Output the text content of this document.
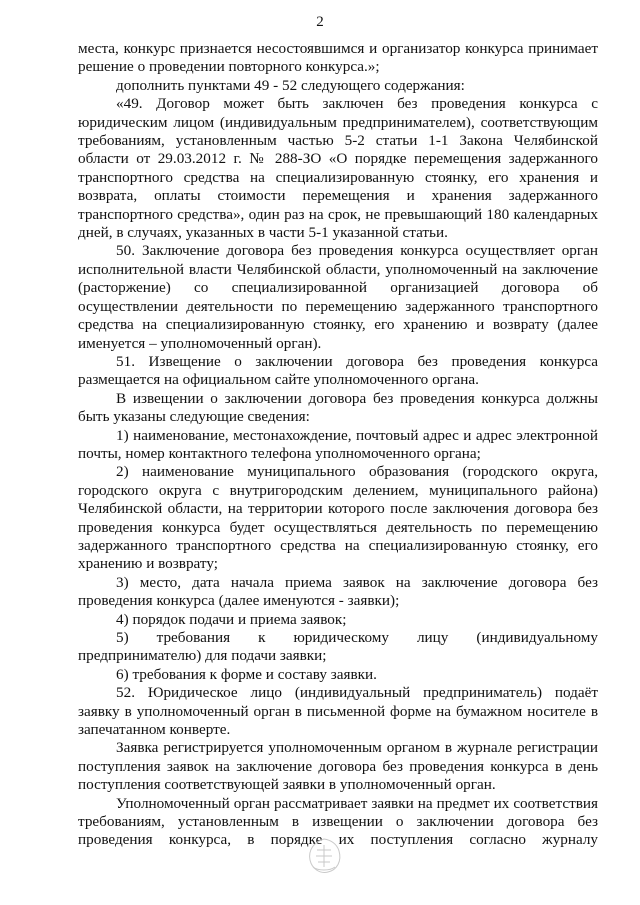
2

места, конкурс признается несостоявшимся и организатор конкурса принимает решение о проведении повторного конкурса.»;

дополнить пунктами 49 - 52 следующего содержания:

«49. Договор может быть заключен без проведения конкурса с юридическим лицом (индивидуальным предпринимателем), соответствующим требованиям, установленным частью 5-2 статьи 1-1 Закона Челябинской области от 29.03.2012 г. № 288-ЗО «О порядке перемещения задержанного транспортного средства на специализированную стоянку, его хранения и возврата, оплаты стоимости перемещения и хранения задержанного транспортного средства», один раз на срок, не превышающий 180 календарных дней, в случаях, указанных в части 5-1 указанной статьи.

50. Заключение договора без проведения конкурса осуществляет орган исполнительной власти Челябинской области, уполномоченный на заключение (расторжение) со специализированной организацией договора об осуществлении деятельности по перемещению задержанного транспортного средства на специализированную стоянку, его хранению и возврату (далее именуется – уполномоченный орган).

51. Извещение о заключении договора без проведения конкурса размещается на официальном сайте уполномоченного органа.

В извещении о заключении договора без проведения конкурса должны быть указаны следующие сведения:

1) наименование, местонахождение, почтовый адрес и адрес электронной почты, номер контактного телефона уполномоченного органа;

2) наименование муниципального образования (городского округа, городского округа с внутригородским делением, муниципального района) Челябинской области, на территории которого после заключения договора без проведения конкурса будет осуществляться деятельность по перемещению задержанного транспортного средства на специализированную стоянку, его хранению и возврату;

3) место, дата начала приема заявок на заключение договора без проведения конкурса (далее именуются - заявки);

4) порядок подачи и приема заявок;

5) требования к юридическому лицу (индивидуальному предпринимателю) для подачи заявки;

6) требования к форме и составу заявки.

52. Юридическое лицо (индивидуальный предприниматель) подаёт заявку в уполномоченный орган в письменной форме на бумажном носителе в запечатанном конверте.

Заявка регистрируется уполномоченным органом в журнале регистрации поступления заявок на заключение договора без проведения конкурса в день поступления соответствующей заявки в уполномоченный орган.

Уполномоченный орган рассматривает заявки на предмет их соответствия требованиям, установленным в извещении о заключении договора без проведения конкурса, в порядке их поступления согласно журналу
